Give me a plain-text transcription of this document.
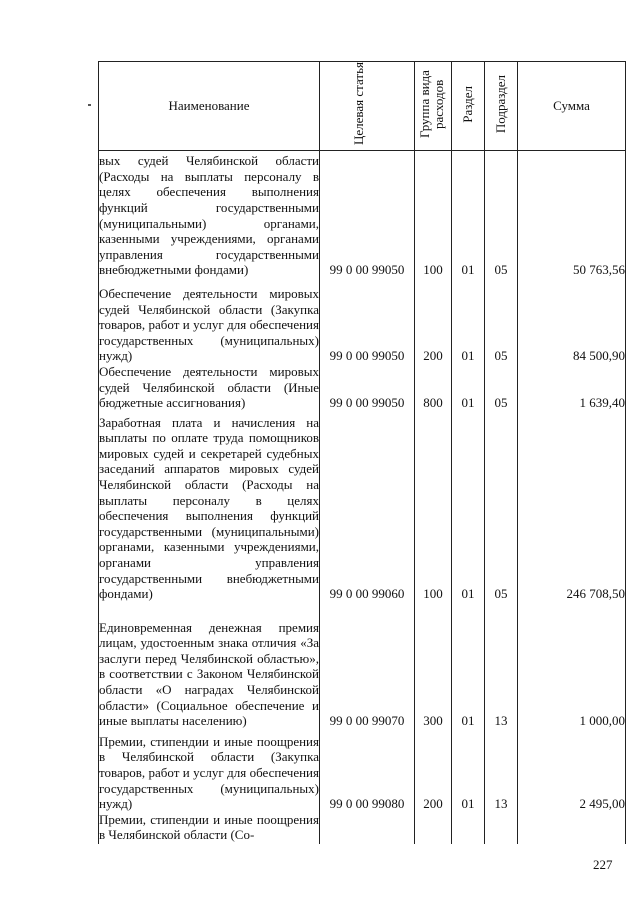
Наименование	Целевая статья	Группа вида расходов	Раздел	Подраздел	Сумма
вых судей Челябинской области (Расходы на выплаты персоналу в целях обеспечения выполнения функций государственными (муниципальными) органами, казенными учреждениями, органами управления государственными внебюджетными фондами)	99 0 00 99050	100	01	05	50 763,56
Обеспечение деятельности мировых судей Челябинской области (Закупка товаров, работ и услуг для обеспечения государственных (муниципальных) нужд)	99 0 00 99050	200	01	05	84 500,90
Обеспечение деятельности мировых судей Челябинской области (Иные бюджетные ассигнования)	99 0 00 99050	800	01	05	1 639,40
Заработная плата и начисления на выплаты по оплате труда помощников мировых судей и секретарей судебных заседаний аппаратов мировых судей Челябинской области (Расходы на выплаты персоналу в целях обеспечения выполнения функций государственными (муниципальными) органами, казенными учреждениями, органами управления государственными внебюджетными фондами)	99 0 00 99060	100	01	05	246 708,50
Единовременная денежная премия лицам, удостоенным знака отличия «За заслуги перед Челябинской областью», в соответствии с Законом Челябинской области «О наградах Челябинской области» (Социальное обеспечение и иные выплаты населению)	99 0 00 99070	300	01	13	1 000,00
Премии, стипендии и иные поощрения в Челябинской области (Закупка товаров, работ и услуг для обеспечения государственных (муниципальных) нужд)	99 0 00 99080	200	01	13	2 495,00
Премии, стипендии и иные поощрения в Челябинской области (Со-					
227
